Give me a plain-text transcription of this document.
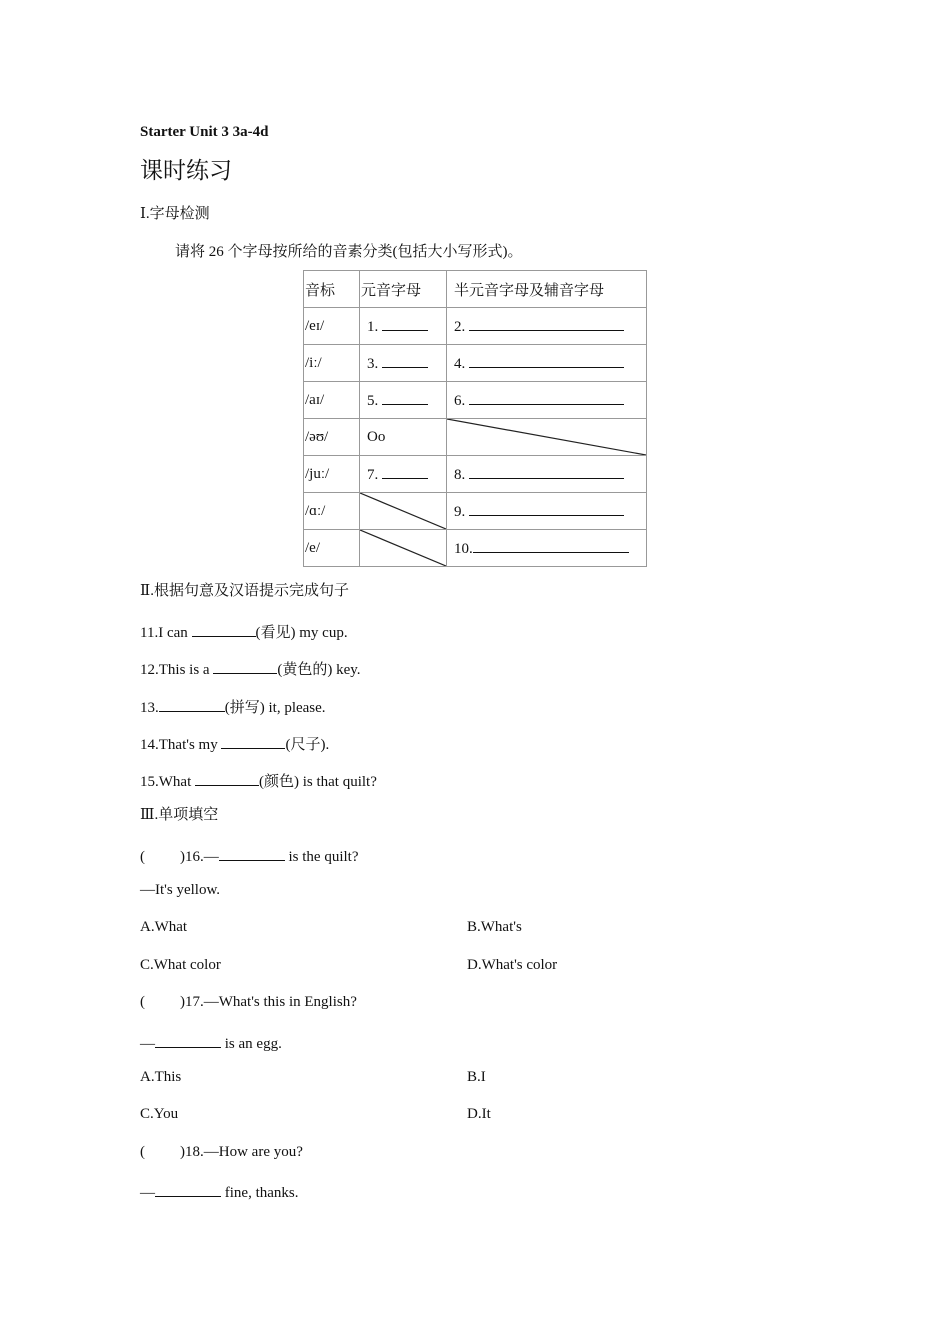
Starter Unit 3 3a-4d
课时练习
Ⅰ.字母检测
请将 26 个字母按所给的音素分类(包括大小写形式)。
音标	元音字母	半元音字母及辅音字母
/eɪ/	1.	2.
/iː/	3.	4.
/aɪ/	5.	6.
/əʊ/	Oo	

/juː/	7.	8.
/ɑː/		9.
/e/		10.
Ⅱ.根据句意及汉语提示完成句子
11.I can	(看见) my cup.
12.This is a	(黄色的) key.
13.	(拼写) it, please.
14.That's my	(尺子).
15.What	(颜色) is that quilt?
Ⅲ.单项填空
( )16.—	is the quilt?
—It's yellow.
A.What	B.What's
C.What color	D.What's color
( )17.—What's this in English?
—	is an egg.
A.This	B.I
C.You	D.It
( )18.—How are you?
—	fine, thanks.
